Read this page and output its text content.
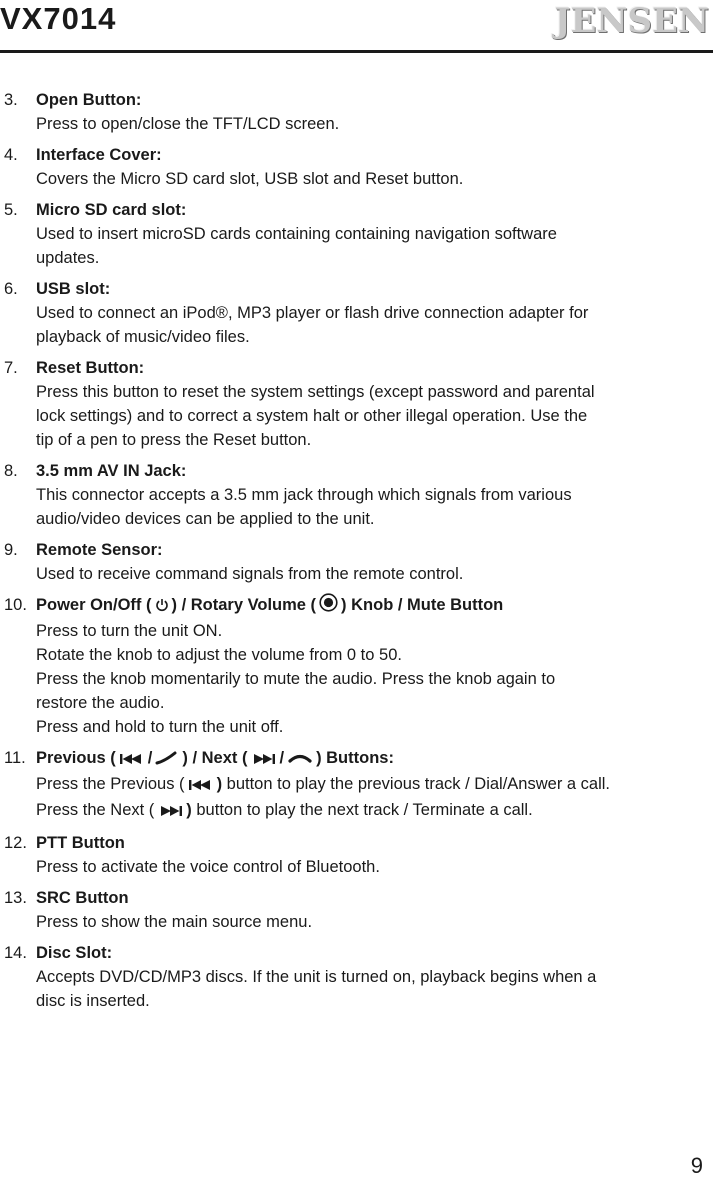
VX7014	JENSEN
3.	Open Button:
Press to open/close the TFT/LCD screen.
4.	Interface Cover:
Covers the Micro SD card slot, USB slot and Reset button.
5.	Micro SD card slot:
Used to insert microSD cards containing containing navigation software
updates.
6.	USB slot:
Used to connect an iPod®, MP3 player or flash drive connection adapter for
playback of music/video files.
7.	Reset Button:
Press this button to reset the system settings (except password and parental
lock settings) and to correct a system halt or other illegal operation. Use the
tip of a pen to press the Reset button.
8.	3.5 mm AV IN Jack:
This connector accepts a 3.5 mm jack through which signals from various
audio/video devices can be applied to the unit.
9.	Remote Sensor:
Used to receive command signals from the remote control.
10. Power On/Off ( ) / Rotary Volume ( ) Knob / Mute Button
Press to turn the unit ON.
Rotate the knob to adjust the volume from 0 to 50.
Press the knob momentarily to mute the audio. Press the knob again to
restore the audio.
Press and hold to turn the unit off.
11. Previous ( / ) / Next ( / ) Buttons:
Press the Previous ( ) button to play the previous track / Dial/Answer a call.
Press the Next ( ) button to play the next track / Terminate a call.
12. PTT Button
Press to activate the voice control of Bluetooth.
13. SRC Button
Press to show the main source menu.
14. Disc Slot:
Accepts DVD/CD/MP3 discs. If the unit is turned on, playback begins when a
disc is inserted.
9
